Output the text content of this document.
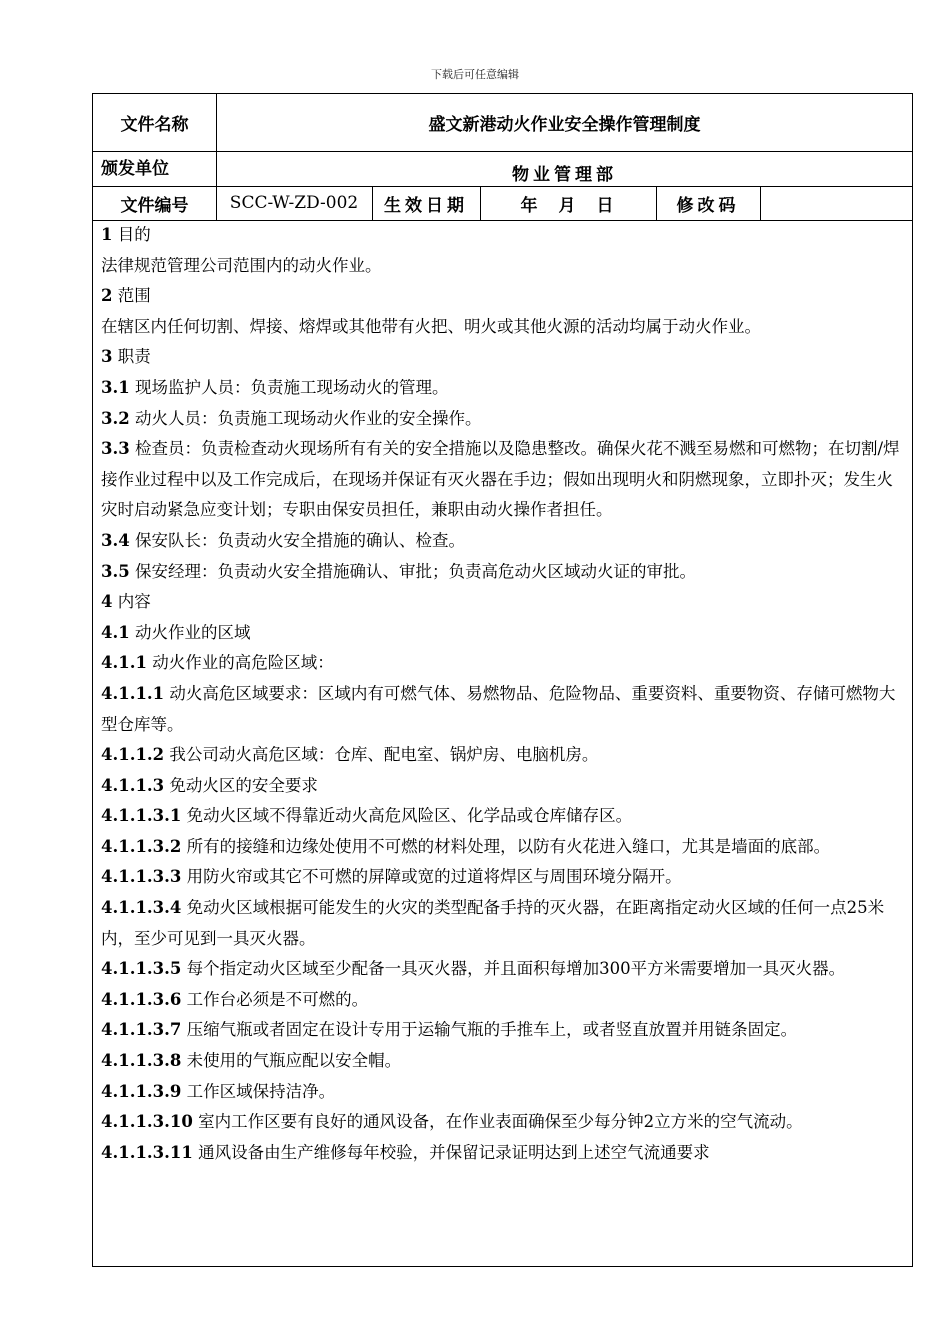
下载后可任意编辑
文件名称	盛文新港动火作业安全操作管理制度
颁发单位	物业管理部
文件编号	SCC-W-ZD-002	生效日期	年　月　日	修改码

1 目的

法律规范管理公司范围内的动火作业。

2 范围

在辖区内任何切割、焊接、熔焊或其他带有火把、明火或其他火源的活动均属于动火作业。

3 职责

3.1 现场监护人员：负责施工现场动火的管理。

3.2 动火人员：负责施工现场动火作业的安全操作。

3.3 检查员：负责检查动火现场所有有关的安全措施以及隐患整改。确保火花不溅至易燃和可燃物；在切割/焊接作业过程中以及工作完成后，在现场并保证有灭火器在手边；假如出现明火和阴燃现象，立即扑灭；发生火灾时启动紧急应变计划；专职由保安员担任，兼职由动火操作者担任。

3.4 保安队长：负责动火安全措施的确认、检查。

3.5 保安经理：负责动火安全措施确认、审批；负责高危动火区域动火证的审批。

4 内容

4.1 动火作业的区域

4.1.1 动火作业的高危险区域：

4.1.1.1 动火高危区域要求：区域内有可燃气体、易燃物品、危险物品、重要资料、重要物资、存储可燃物大型仓库等。

4.1.1.2 我公司动火高危区域：仓库、配电室、锅炉房、电脑机房。

4.1.1.3 免动火区的安全要求

4.1.1.3.1 免动火区域不得靠近动火高危风险区、化学品或仓库储存区。

4.1.1.3.2 所有的接缝和边缘处使用不可燃的材料处理，以防有火花进入缝口，尤其是墙面的底部。

4.1.1.3.3 用防火帘或其它不可燃的屏障或宽的过道将焊区与周围环境分隔开。

4.1.1.3.4 免动火区域根据可能发生的火灾的类型配备手持的灭火器，在距离指定动火区域的任何一点25米内，至少可见到一具灭火器。

4.1.1.3.5 每个指定动火区域至少配备一具灭火器，并且面积每增加300平方米需要增加一具灭火器。

4.1.1.3.6 工作台必须是不可燃的。

4.1.1.3.7 压缩气瓶或者固定在设计专用于运输气瓶的手推车上，或者竖直放置并用链条固定。

4.1.1.3.8 未使用的气瓶应配以安全帽。

4.1.1.3.9 工作区域保持洁净。

4.1.1.3.10 室内工作区要有良好的通风设备，在作业表面确保至少每分钟2立方米的空气流动。

4.1.1.3.11 通风设备由生产维修每年校验，并保留记录证明达到上述空气流通要求
